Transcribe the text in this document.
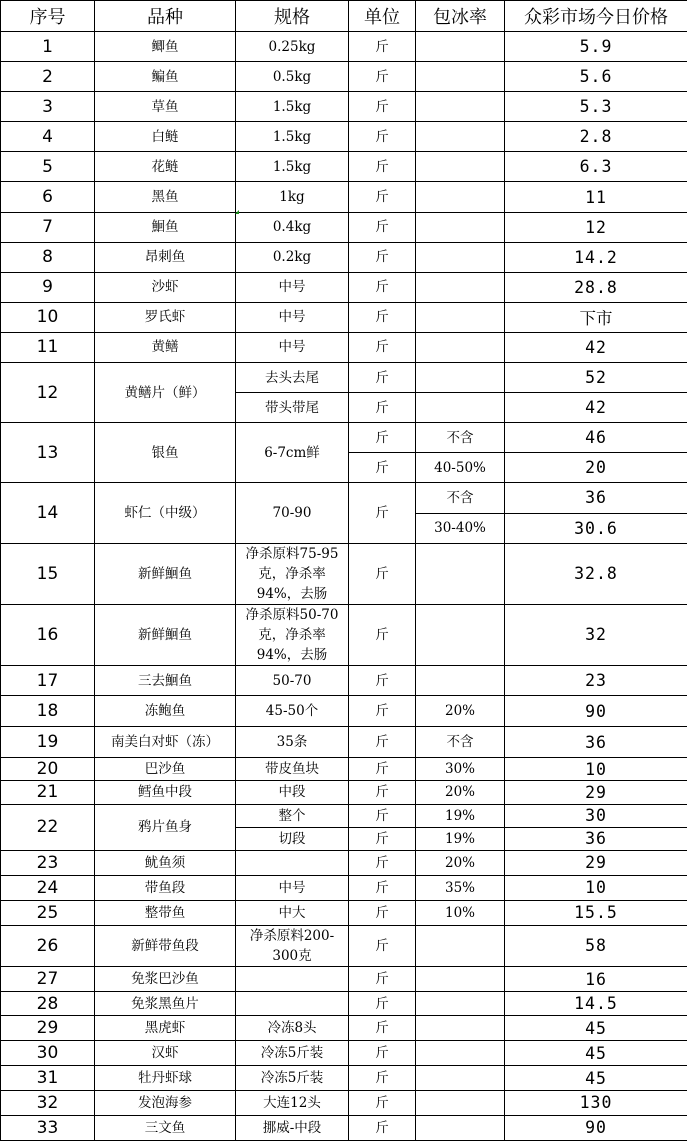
序号	品种	规格	单位	包冰率	众彩市场今日价格
1	鲫鱼	0.25kg	斤		5.9
2	鳊鱼	0.5kg	斤		5.6
3	草鱼	1.5kg	斤		5.3
4	白鲢	1.5kg	斤		2.8
5	花鲢	1.5kg	斤		6.3
6	黑鱼	1kg	斤		11
7	鮰鱼	0.4kg	斤		12
8	昂刺鱼	0.2kg	斤		14.2
9	沙虾	中号	斤		28.8
10	罗氏虾	中号	斤		下市
11	黄鳝	中号	斤		42
12	黄鳝片（鲜）	去头去尾	斤		52
		带头带尾	斤		42
13	银鱼	6-7cm鲜	斤	不含	46
			斤	40-50%	20
14	虾仁（中级）	70-90	斤	不含	36
				30-40%	30.6
15	新鲜鮰鱼	净杀原料75-95
克，净杀率
94%，去肠	斤		32.8
16	新鲜鮰鱼	净杀原料50-70
克，净杀率
94%，去肠	斤		32
17	三去鮰鱼	50-70	斤		23
18	冻鲍鱼	45-50个	斤	20%	90
19	南美白对虾（冻）	35条	斤	不含	36
20	巴沙鱼	带皮鱼块	斤	30%	10
21	鳕鱼中段	中段	斤	20%	29
22	鸦片鱼身	整个	斤	19%	30
		切段	斤	19%	36
23	鱿鱼须		斤	20%	29
24	带鱼段	中号	斤	35%	10
25	整带鱼	中大	斤	10%	15.5
26	新鲜带鱼段	净杀原料200-
300克	斤		58
27	免浆巴沙鱼		斤		16
28	免浆黑鱼片		斤		14.5
29	黑虎虾	冷冻8头	斤		45
30	汉虾	冷冻5斤装	斤		45
31	牡丹虾球	冷冻5斤装	斤		45
32	发泡海参	大连12头	斤		130
33	三文鱼	挪威-中段	斤		90
